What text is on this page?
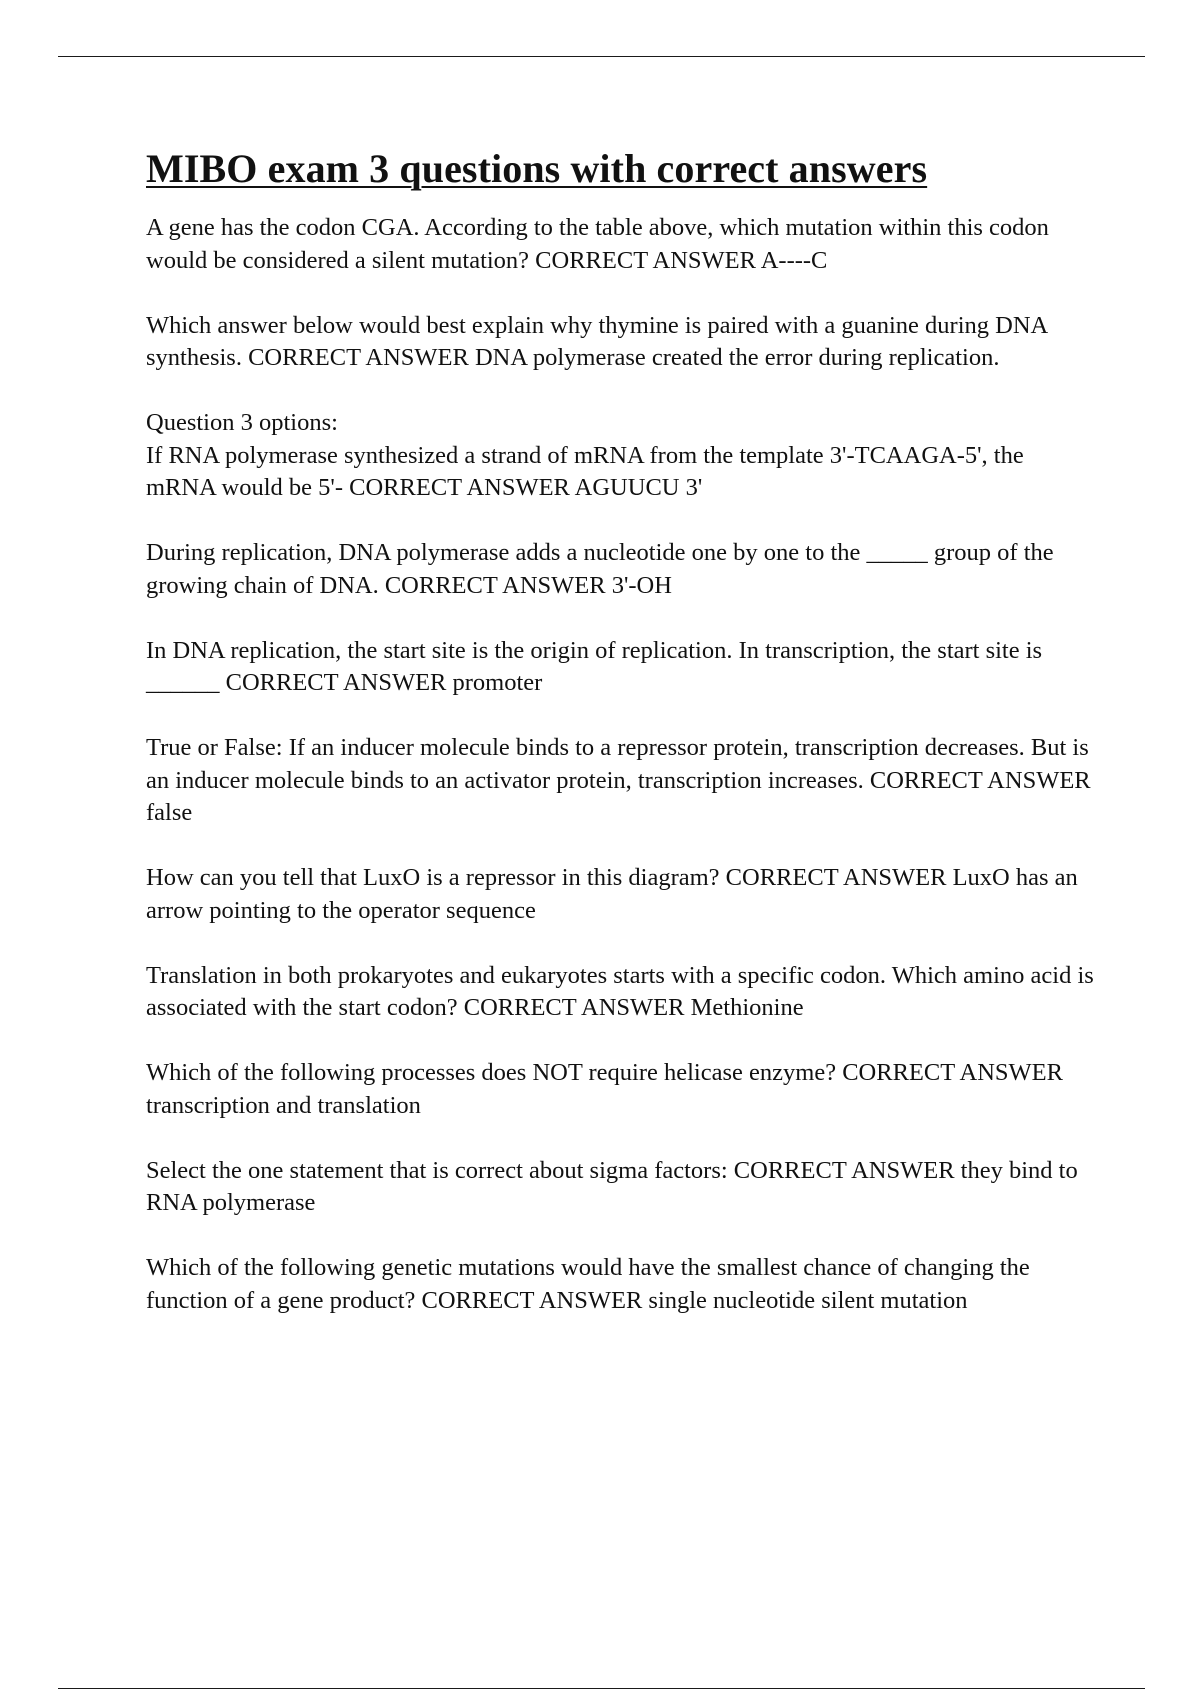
MIBO exam 3 questions with correct answers

A gene has the codon CGA. According to the table above, which mutation within this codon would be considered a silent mutation? CORRECT ANSWER A----C

Which answer below would best explain why thymine is paired with a guanine during DNA synthesis. CORRECT ANSWER DNA polymerase created the error during replication.

Question 3 options:
If RNA polymerase synthesized a strand of mRNA from the template 3'-TCAAGA-5', the mRNA would be 5'- CORRECT ANSWER AGUUCU 3'

During replication, DNA polymerase adds a nucleotide one by one to the _____ group of the growing chain of DNA. CORRECT ANSWER 3'-OH

In DNA replication, the start site is the origin of replication. In transcription, the start site is ______ CORRECT ANSWER promoter

True or False: If an inducer molecule binds to a repressor protein, transcription decreases. But is an inducer molecule binds to an activator protein, transcription increases. CORRECT ANSWER false

How can you tell that LuxO is a repressor in this diagram? CORRECT ANSWER LuxO has an arrow pointing to the operator sequence

Translation in both prokaryotes and eukaryotes starts with a specific codon. Which amino acid is associated with the start codon? CORRECT ANSWER Methionine

Which of the following processes does NOT require helicase enzyme? CORRECT ANSWER transcription and translation

Select the one statement that is correct about sigma factors: CORRECT ANSWER they bind to RNA polymerase

Which of the following genetic mutations would have the smallest chance of changing the function of a gene product? CORRECT ANSWER single nucleotide silent mutation
